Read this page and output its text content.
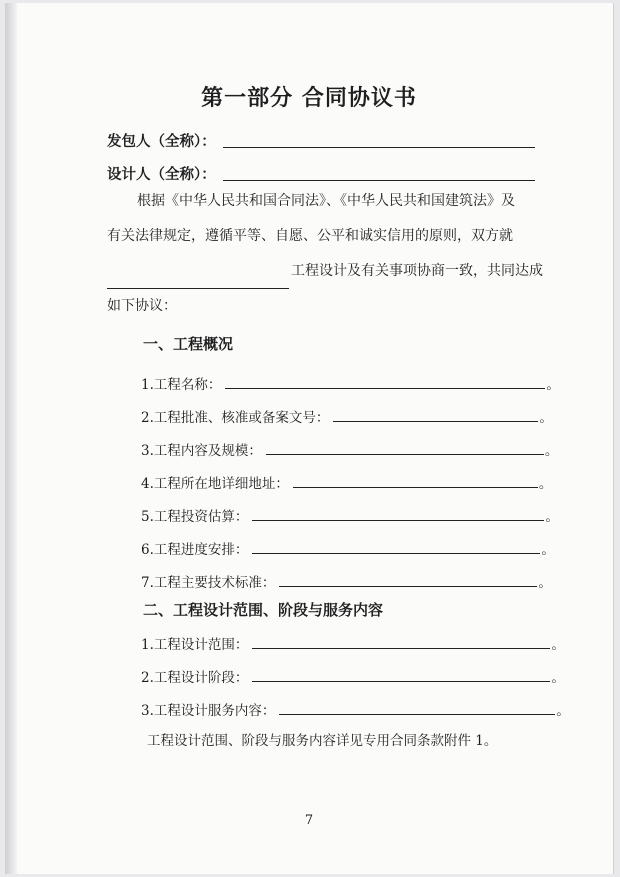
第一部分 合同协议书
发包人（全称）：
设计人（全称）：
根据《中华人民共和国合同法》、《中华人民共和国建筑法》及
有关法律规定，遵循平等、自愿、公平和诚实信用的原则，双方就
工程设计及有关事项协商一致，共同达成
如下协议：
一、工程概况
1.工程名称：	。
2.工程批准、核准或备案文号：	。
3.工程内容及规模：	。
4.工程所在地详细地址：	。
5.工程投资估算：	。
6.工程进度安排：	。
7.工程主要技术标准：	。
二、工程设计范围、阶段与服务内容
1.工程设计范围：	。
2.工程设计阶段：	。
3.工程设计服务内容：	。
工程设计范围、阶段与服务内容详见专用合同条款附件 1。
7
